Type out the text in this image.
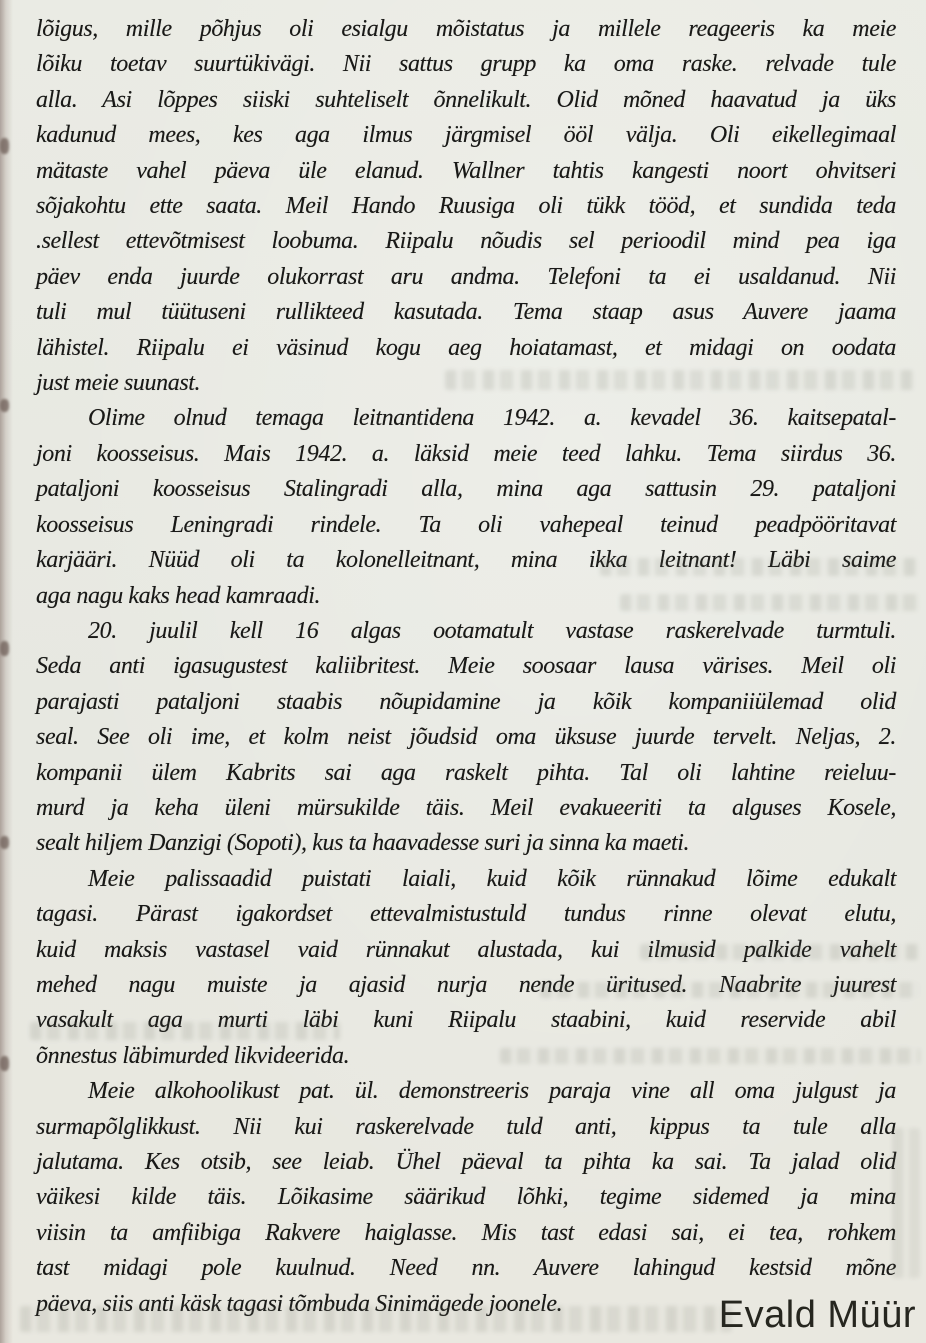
lõigus, mille põhjus oli esialgu mõistatus ja millele reageeris ka meie
lõiku toetav suurtükivägi. Nii sattus grupp ka oma raske. relvade tule
alla. Asi lõppes siiski suhteliselt õnnelikult. Olid mõned haavatud ja üks
kadunud mees, kes aga ilmus järgmisel ööl välja. Oli eikellegimaal
mätaste vahel päeva üle elanud. Wallner tahtis kangesti noort ohvitseri
sõjakohtu ette saata. Meil Hando Ruusiga oli tükk tööd, et sundida teda
.sellest ettevõtmisest loobuma. Riipalu nõudis sel perioodil mind pea iga
päev enda juurde olukorrast aru andma. Telefoni ta ei usaldanud. Nii
tuli mul tüütuseni rullikteed kasutada. Tema staap asus Auvere jaama
lähistel. Riipalu ei väsinud kogu aeg hoiatamast, et midagi on oodata
just meie suunast.
Olime olnud temaga leitnantidena 1942. a. kevadel 36. kaitsepatal-
joni koosseisus. Mais 1942. a. läksid meie teed lahku. Tema siirdus 36.
pataljoni koosseisus Stalingradi alla, mina aga sattusin 29. pataljoni
koosseisus Leningradi rindele. Ta oli vahepeal teinud peadpööritavat
karjääri. Nüüd oli ta kolonelleitnant, mina ikka leitnant! Läbi saime
aga nagu kaks head kamraadi.
20. juulil kell 16 algas ootamatult vastase raskerelvade turmtuli.
Seda anti igasugustest kaliibritest. Meie soosaar lausa värises. Meil oli
parajasti pataljoni staabis nõupidamine ja kõik kompaniiülemad olid
seal. See oli ime, et kolm neist jõudsid oma üksuse juurde tervelt. Neljas, 2.
kompanii ülem Kabrits sai aga raskelt pihta. Tal oli lahtine reieluu-
murd ja keha üleni mürsukilde täis. Meil evakueeriti ta alguses Kosele,
sealt hiljem Danzigi (Sopoti), kus ta haavadesse suri ja sinna ka maeti.
Meie palissaadid puistati laiali, kuid kõik rünnakud lõime edukalt
tagasi. Pärast igakordset ettevalmistustuld tundus rinne olevat elutu,
kuid maksis vastasel vaid rünnakut alustada, kui ilmusid palkide vahelt
mehed nagu muiste ja ajasid nurja nende üritused. Naabrite juurest
vasakult aga murti läbi kuni Riipalu staabini, kuid reservide abil
õnnestus läbimurded likvideerida.
Meie alkohoolikust pat. ül. demonstreeris paraja vine all oma julgust ja
surmapõlglikkust. Nii kui raskerelvade tuld anti, kippus ta tule alla
jalutama. Kes otsib, see leiab. Ühel päeval ta pihta ka sai. Ta jalad olid
väikesi kilde täis. Lõikasime säärikud lõhki, tegime sidemed ja mina
viisin ta amfiibiga Rakvere haiglasse. Mis tast edasi sai, ei tea, rohkem
tast midagi pole kuulnud. Need nn. Auvere lahingud kestsid mõne
päeva, siis anti käsk tagasi tõmbuda Sinimägede joonele.	Evald Müür
